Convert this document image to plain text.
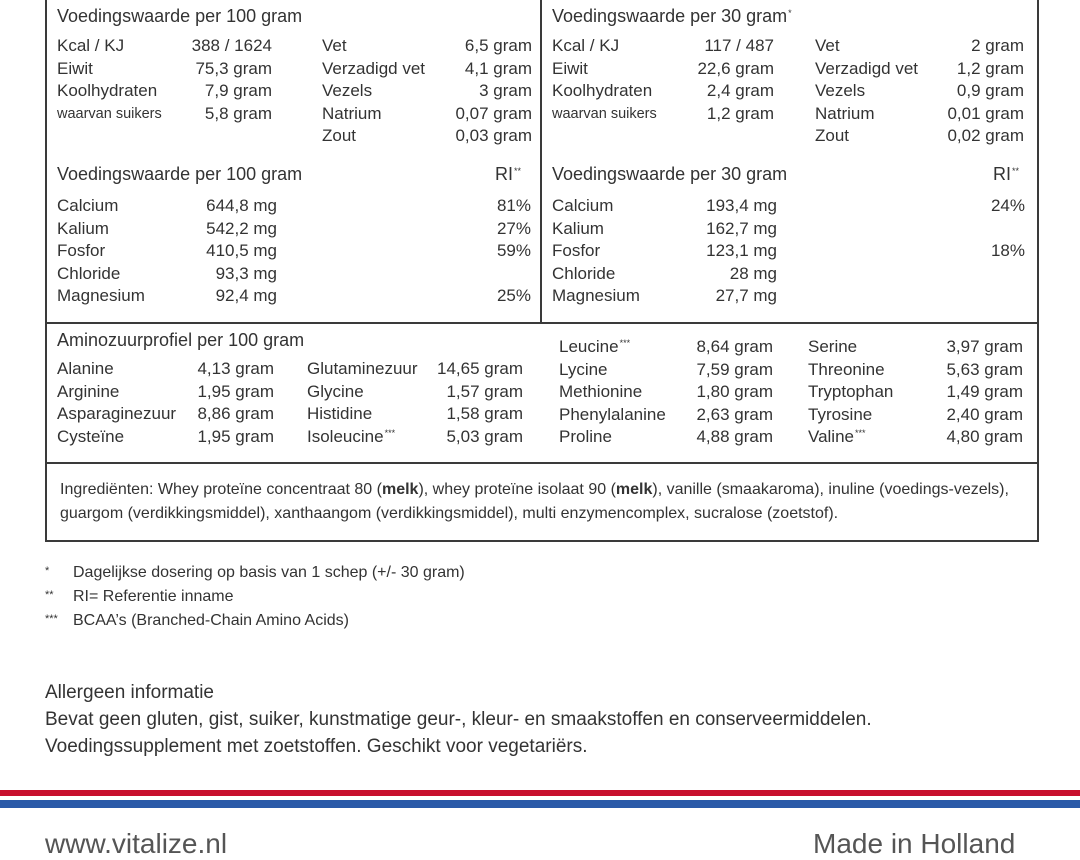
Voedingswaarde per 100 gram
Kcal / KJ	388 / 1624
Eiwit	75,3 gram
Koolhydraten	7,9 gram
waarvan suikers	5,8 gram
Vet	6,5 gram
Verzadigd vet	4,1 gram
Vezels	3 gram
Natrium	0,07 gram
Zout	0,03 gram
Voedingswaarde per 30 gram*
Kcal / KJ	117 / 487
Eiwit	22,6 gram
Koolhydraten	2,4 gram
waarvan suikers	1,2 gram
Vet	2 gram
Verzadigd vet	1,2 gram
Vezels	0,9 gram
Natrium	0,01 gram
Zout	0,02 gram
Voedingswaarde per 100 gram	RI** Voedingswaarde per 30 gram	RI**
Calcium	644,8 mg	81%
Kalium	542,2 mg	27%
Fosfor	410,5 mg	59%
Chloride	93,3 mg
Magnesium	92,4 mg	25%
Calcium	193,4 mg	24%
Kalium	162,7 mg
Fosfor	123,1 mg	18%
Chloride	28 mg
Magnesium	27,7 mg
Aminozuurprofiel per 100 gram
Alanine	4,13 gram
Arginine	1,95 gram
Asparaginezuur	8,86 gram
Cysteïne	1,95 gram
Glutaminezuur	14,65 gram
Glycine	1,57 gram
Histidine	1,58 gram
Isoleucine***	5,03 gram
Leucine***	8,64 gram
Lycine	7,59 gram
Methionine	1,80 gram
Phenylalanine	2,63 gram
Proline	4,88 gram
Serine	3,97 gram
Threonine	5,63 gram
Tryptophan	1,49 gram
Tyrosine	2,40 gram
Valine***	4,80 gram
Ingrediënten: Whey proteïne concentraat 80 (melk), whey proteïne isolaat 90 (melk), vanille (smaakaroma), inuline (voedings-vezels), guargom (verdikkingsmiddel), xanthaangom (verdikkingsmiddel), multi enzymencomplex, sucralose (zoetstof).
* Dagelijkse dosering op basis van 1 schep (+/- 30 gram)
** RI= Referentie inname
*** BCAA’s (Branched-Chain Amino Acids)
Allergeen informatie
Bevat geen gluten, gist, suiker, kunstmatige geur-, kleur- en smaakstoffen en conserveermiddelen.
Voedingssupplement met zoetstoffen. Geschikt voor vegetariërs.
www.vitalize.nl	Made in Holland
